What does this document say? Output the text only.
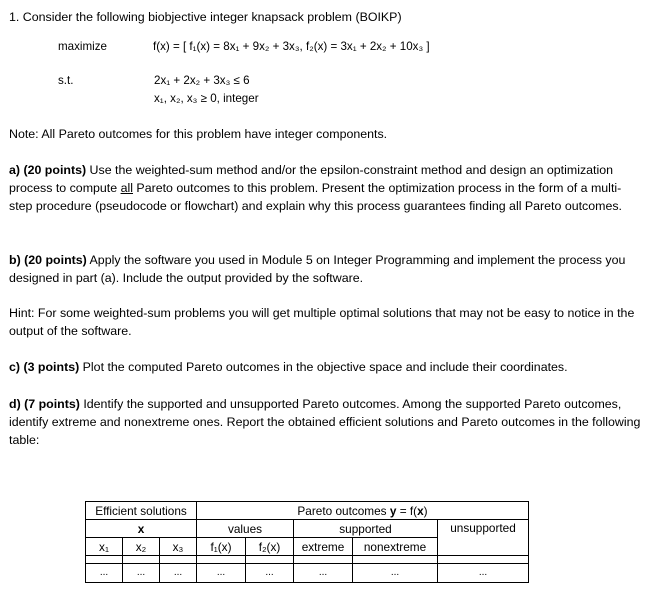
1. Consider the following biobjective integer knapsack problem (BOIKP)
maximize	f(x) = [ f₁(x) = 8x₁ + 9x₂ + 3x₃, f₂(x) = 3x₁ + 2x₂ + 10x₃ ]
s.t.	2x₁ + 2x₂ + 3x₃ ≤ 6
x₁, x₂, x₃ ≥ 0, integer
Note: All Pareto outcomes for this problem have integer components.
a) (20 points) Use the weighted-sum method and/or the epsilon-constraint method and design an optimization process to compute all Pareto outcomes to this problem. Present the optimization process in the form of a multi-step procedure (pseudocode or flowchart) and explain why this process guarantees finding all Pareto outcomes.
b) (20 points) Apply the software you used in Module 5 on Integer Programming and implement the process you designed in part (a). Include the output provided by the software.
Hint: For some weighted-sum problems you will get multiple optimal solutions that may not be easy to notice in the output of the software.
c) (3 points) Plot the computed Pareto outcomes in the objective space and include their coordinates.
d) (7 points) Identify the supported and unsupported Pareto outcomes. Among the supported Pareto outcomes, identify extreme and nonextreme ones. Report the obtained efficient solutions and Pareto outcomes in the following table:
Efficient solutions			Pareto outcomes y = f(x)				
x			values		supported		unsupported
x₁	x₂	x₃	f₁(x)	f₂(x)	extreme	nonextreme	

...	...	...	...	...	...	...	...
